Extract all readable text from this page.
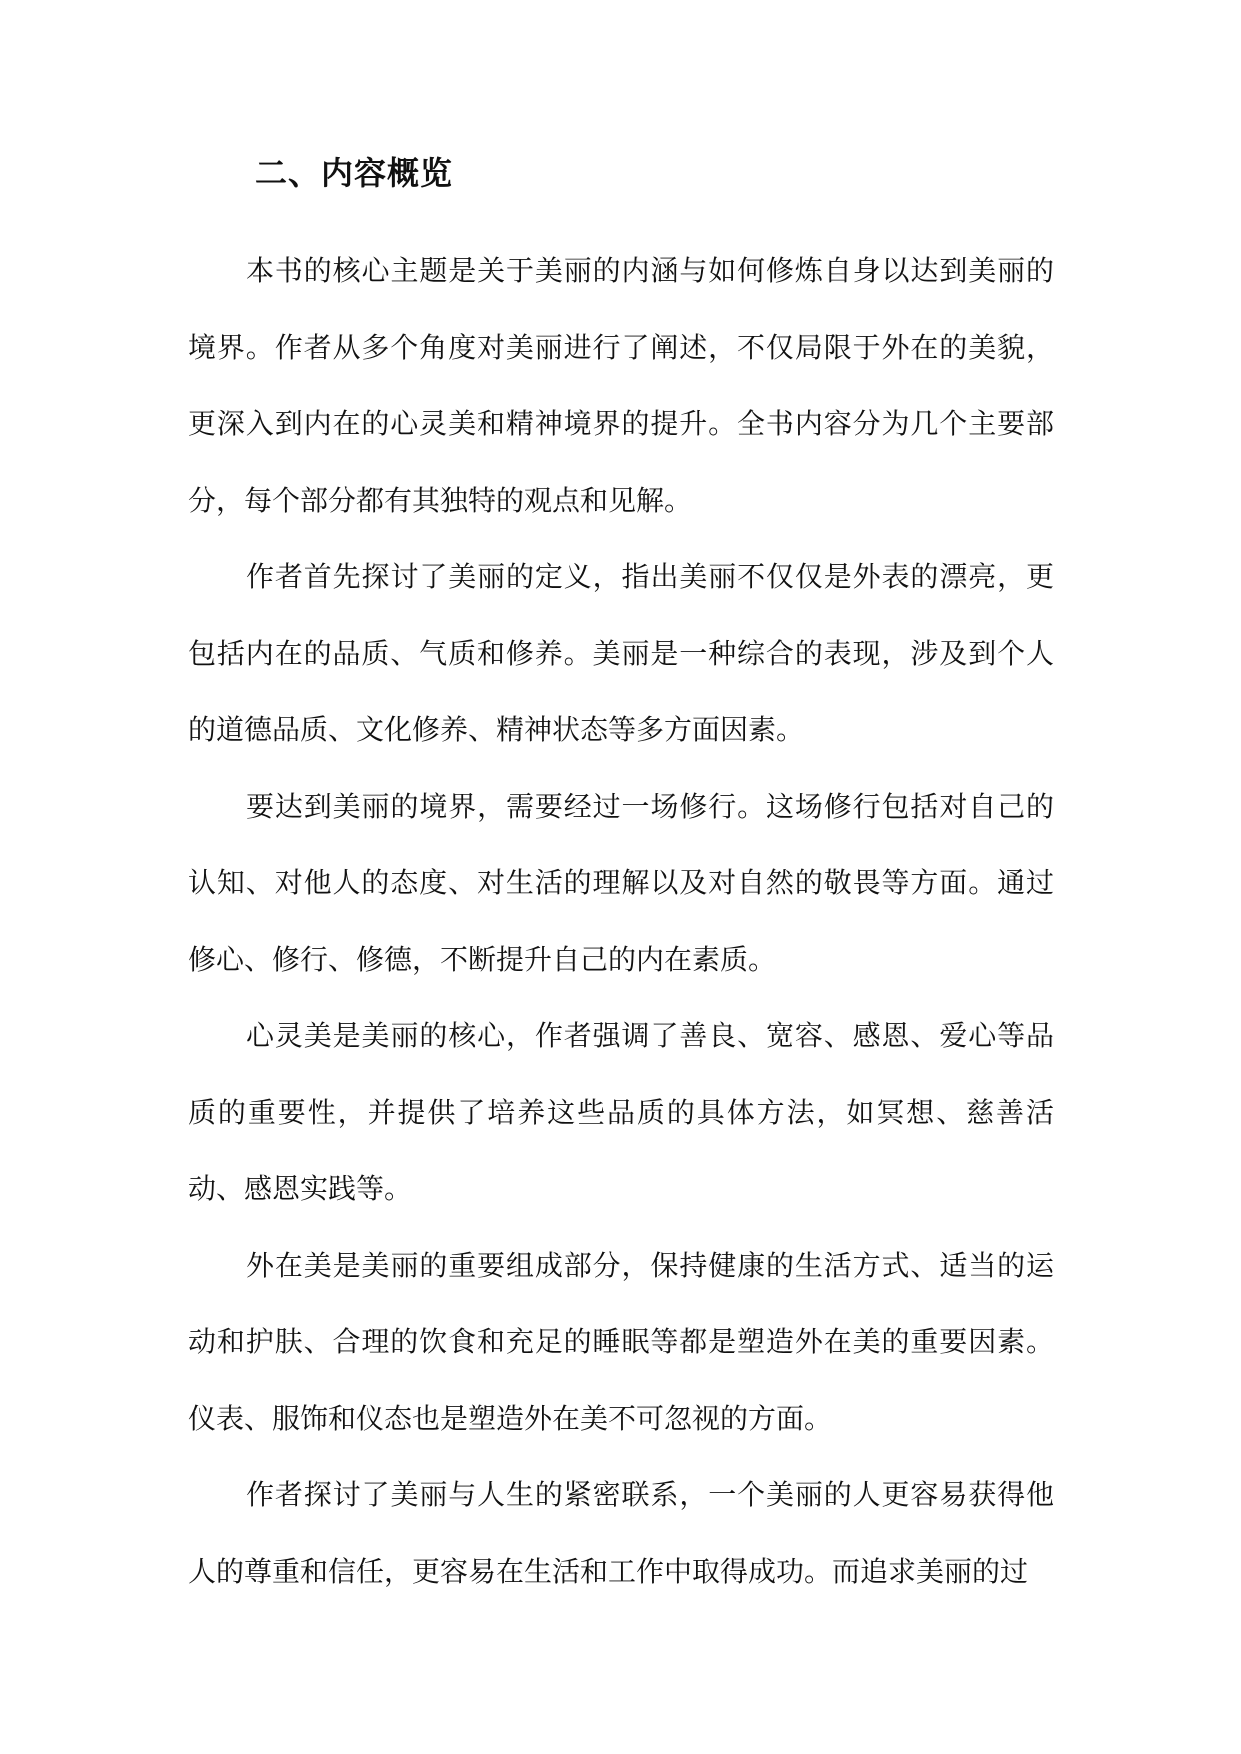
二、内容概览

本书的核心主题是关于美丽的内涵与如何修炼自身以达到美丽的境界。作者从多个角度对美丽进行了阐述，不仅局限于外在的美貌，更深入到内在的心灵美和精神境界的提升。全书内容分为几个主要部分，每个部分都有其独特的观点和见解。

作者首先探讨了美丽的定义，指出美丽不仅仅是外表的漂亮，更包括内在的品质、气质和修养。美丽是一种综合的表现，涉及到个人的道德品质、文化修养、精神状态等多方面因素。

要达到美丽的境界，需要经过一场修行。这场修行包括对自己的认知、对他人的态度、对生活的理解以及对自然的敬畏等方面。通过修心、修行、修德，不断提升自己的内在素质。

心灵美是美丽的核心，作者强调了善良、宽容、感恩、爱心等品质的重要性，并提供了培养这些品质的具体方法，如冥想、慈善活动、感恩实践等。

外在美是美丽的重要组成部分，保持健康的生活方式、适当的运动和护肤、合理的饮食和充足的睡眠等都是塑造外在美的重要因素。仪表、服饰和仪态也是塑造外在美不可忽视的方面。

作者探讨了美丽与人生的紧密联系，一个美丽的人更容易获得他人的尊重和信任，更容易在生活和工作中取得成功。而追求美丽的过
